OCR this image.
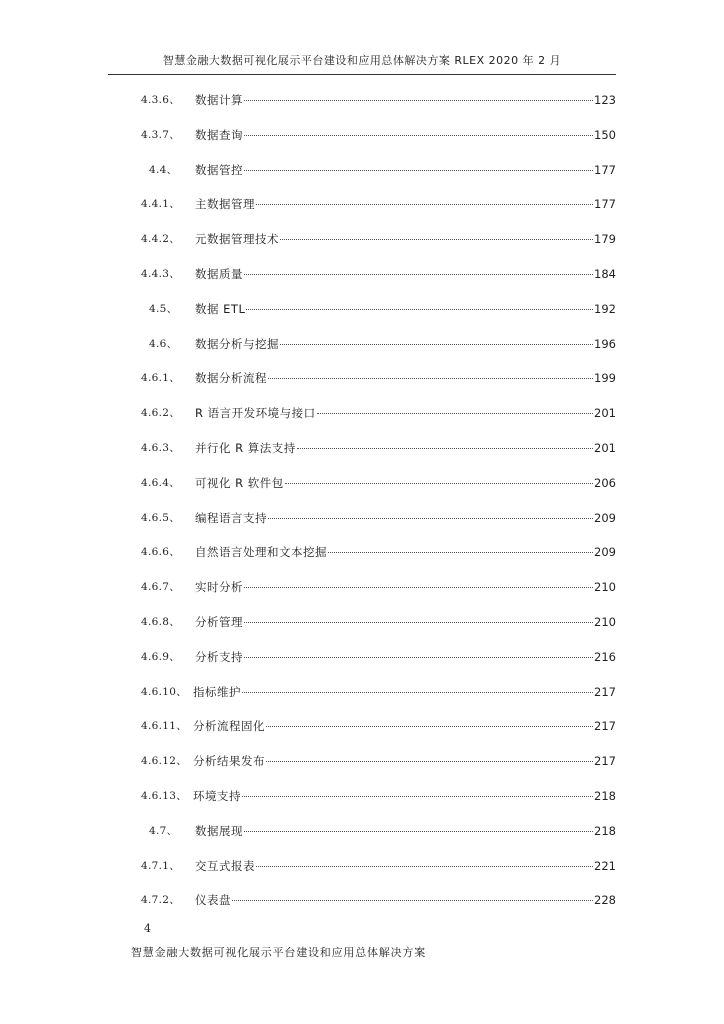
智慧金融大数据可视化展示平台建设和应用总体解决方案 RLEX 2020 年 2 月
4.3.6、	数据计算	123
4.3.7、	数据查询	150
4.4、	数据管控	177
4.4.1、	主数据管理	177
4.4.2、	元数据管理技术	179
4.4.3、	数据质量	184
4.5、	数据 ETL	192
4.6、	数据分析与挖掘	196
4.6.1、	数据分析流程	199
4.6.2、	R 语言开发环境与接口	201
4.6.3、	并行化 R 算法支持	201
4.6.4、	可视化 R 软件包	206
4.6.5、	编程语言支持	209
4.6.6、	自然语言处理和文本挖掘	209
4.6.7、	实时分析	210
4.6.8、	分析管理	210
4.6.9、	分析支持	216
4.6.10、 指标维护	217
4.6.11、 分析流程固化	217
4.6.12、 分析结果发布	217
4.6.13、 环境支持	218
4.7、	数据展现	218
4.7.1、	交互式报表	221
4.7.2、	仪表盘	228
4
智慧金融大数据可视化展示平台建设和应用总体解决方案
